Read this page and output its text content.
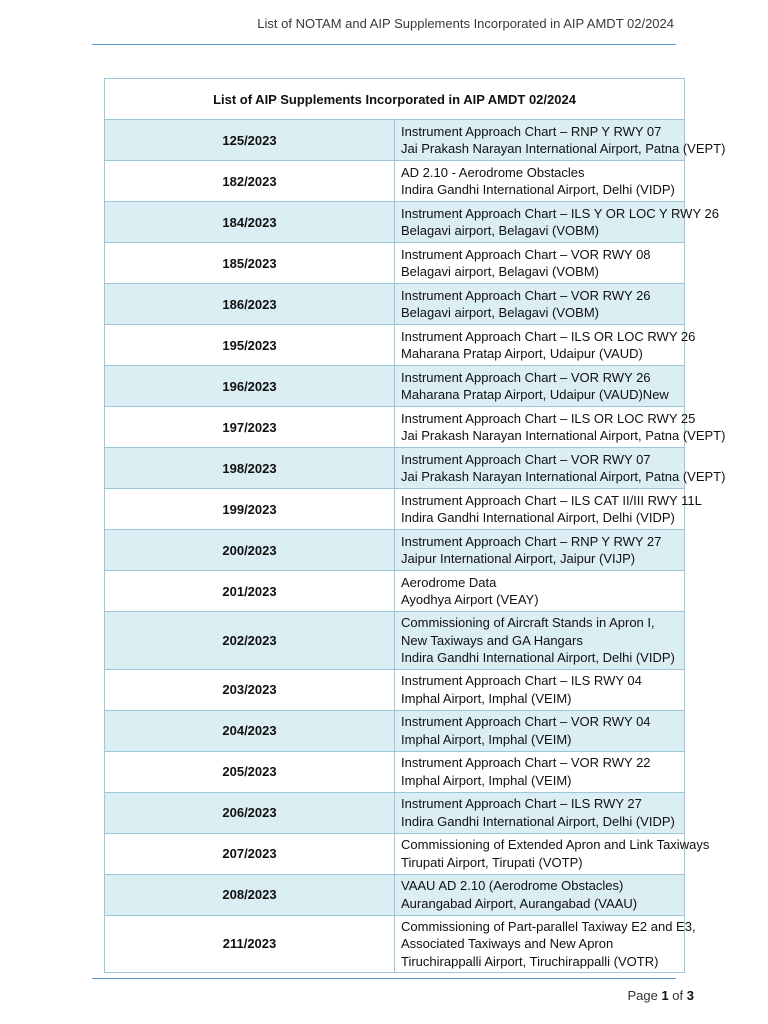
List of NOTAM and AIP Supplements Incorporated in AIP AMDT 02/2024
List of AIP Supplements Incorporated in AIP AMDT 02/2024	
125/2023	Instrument Approach Chart – RNP Y RWY 07
Jai Prakash Narayan International Airport, Patna (VEPT)

182/2023	AD 2.10 - Aerodrome Obstacles
Indira Gandhi International Airport, Delhi (VIDP)

184/2023	Instrument Approach Chart – ILS Y OR LOC Y RWY 26
Belagavi airport, Belagavi (VOBM)

185/2023	Instrument Approach Chart – VOR RWY 08
Belagavi airport, Belagavi (VOBM)

186/2023	Instrument Approach Chart – VOR RWY 26
Belagavi airport, Belagavi (VOBM)

195/2023	Instrument Approach Chart – ILS OR LOC RWY 26
Maharana Pratap Airport, Udaipur (VAUD)

196/2023	Instrument Approach Chart – VOR RWY 26
Maharana Pratap Airport, Udaipur (VAUD)New

197/2023	Instrument Approach Chart – ILS OR LOC RWY 25
Jai Prakash Narayan International Airport, Patna (VEPT)

198/2023	Instrument Approach Chart – VOR RWY 07
Jai Prakash Narayan International Airport, Patna (VEPT)

199/2023	Instrument Approach Chart – ILS CAT II/III RWY 11L
Indira Gandhi International Airport, Delhi (VIDP)

200/2023	Instrument Approach Chart – RNP Y RWY 27
Jaipur International Airport, Jaipur (VIJP)

201/2023	Aerodrome Data
Ayodhya Airport (VEAY)

202/2023	Commissioning of Aircraft Stands in Apron I,
New Taxiways and GA Hangars
Indira Gandhi International Airport, Delhi (VIDP)

203/2023	Instrument Approach Chart – ILS RWY 04
Imphal Airport, Imphal (VEIM)

204/2023	Instrument Approach Chart – VOR RWY 04
Imphal Airport, Imphal (VEIM)

205/2023	Instrument Approach Chart – VOR RWY 22
Imphal Airport, Imphal (VEIM)

206/2023	Instrument Approach Chart – ILS RWY 27
Indira Gandhi International Airport, Delhi (VIDP)

207/2023	Commissioning of Extended Apron and Link Taxiways
Tirupati Airport, Tirupati (VOTP)

208/2023	VAAU AD 2.10 (Aerodrome Obstacles)
Aurangabad Airport, Aurangabad (VAAU)

211/2023	Commissioning of Part-parallel Taxiway E2 and E3,
Associated Taxiways and New Apron
Tiruchirappalli Airport, Tiruchirappalli (VOTR)
Page 1 of 3
